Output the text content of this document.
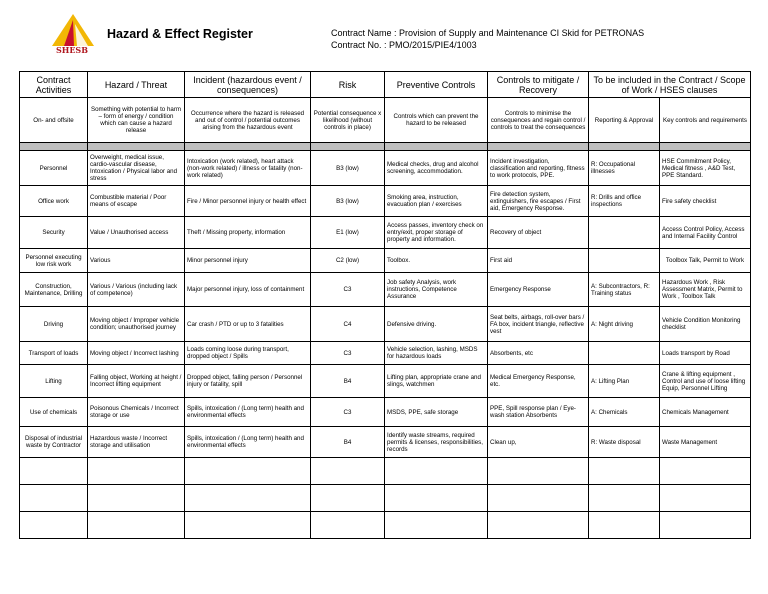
SHESB
Hazard & Effect Register	Contract Name : Provision of Supply and Maintenance CI Skid for PETRONAS
Contract No. : PMO/2015/PIE4/1003
Contract Activities	Hazard / Threat	Incident (hazardous event / consequences)	Risk	Preventive Controls	Controls to mitigate / Recovery	To be included in the Contract / Scope of Work / HSES clauses	
On- and offsite	Something with potential to harm – form of energy / condition which can cause a hazard release	Occurrence where the hazard is released and out of control / potential outcomes arising from the hazardous event	Potential consequence x likelihood (without controls in place)	Controls which can prevent the hazard to be released	Controls to minimise the consequences and regain control / controls to treat the consequences	Reporting & Approval	Key controls and requirements

Personnel	Overweight, medical issue, cardio-vascular disease, Intoxication / Physical labor and stress	Intoxication (work related), heart attack (non-work related) / illness or fatality (non-work related)	B3 (low)	Medical checks, drug and alcohol screening, accommodation.	Incident investigation, classification and reporting, fitness to work protocols, PPE.	R: Occupational illnesses	HSE Commitment Policy, Medical fitness , A&D Test, PPE Standard.
Office work	Combustible material / Poor means of escape	Fire / Minor personnel injury or health effect	B3 (low)	Smoking area, instruction, evacuation plan / exercises	Fire detection system, extinguishers, fire escapes / First aid, Emergency Response.	R: Drills and office inspections	Fire safety checklist
Security	Value / Unauthorised access	Theft / Missing property, information	E1 (low)	Access passes, inventory check on entry/exit, proper storage of property and information.	Recovery of object		Access Control Policy, Access and Internal Facility Control
Personnel executing low risk work	Various	Minor personnel injury	C2 (low)	Toolbox.	First aid		Toolbox Talk, Permit to Work
Construction, Maintenance, Drilling	Various / Various (including lack of competence)	Major personnel injury, loss of containment	C3	Job safety Analysis, work instructions, Competence Assurance	Emergency Response	A: Subcontractors, R: Training status	Hazardous Work , Risk Assessment Matrix, Permit to Work , Toolbox Talk
Driving	Moving object / Improper vehicle condition; unauthorised journey	Car crash / PTD or up to 3 fatalities	C4	Defensive driving.	Seat belts, airbags, roll-over bars / FA box, incident triangle, reflective vest	A: Night driving	Vehicle Condition Monitoring checklist
Transport of loads	Moving object / Incorrect lashing	Loads coming loose during transport, dropped object / Spills	C3	Vehicle selection, lashing, MSDS for hazardous loads	Absorbents, etc		Loads transport by Road
Lifting	Falling object, Working at height / Incorrect lifting equipment	Dropped object, falling person / Personnel injury or fatality, spill	B4	Lifting plan, appropriate crane and slings, watchmen	Medical Emergency Response, etc.	A: Lifting Plan	Crane & lifting equipment , Control and use of loose lifting Equip, Personnel Lifting
Use of chemicals	Poisonous Chemicals / Incorrect storage or use	Spills, intoxication / (Long term) health and environmental effects	C3	MSDS, PPE, safe storage	PPE, Spill response plan / Eye-wash station Absorbents	A: Chemicals	Chemicals Management
Disposal of industrial waste by Contractor	Hazardous waste / Incorrect storage and utilisation	Spills, intoxication / (Long term) health and environmental effects	B4	Identify waste streams, required permits & licenses, responsibilities, records	Clean up,	R: Waste disposal	Waste Management
